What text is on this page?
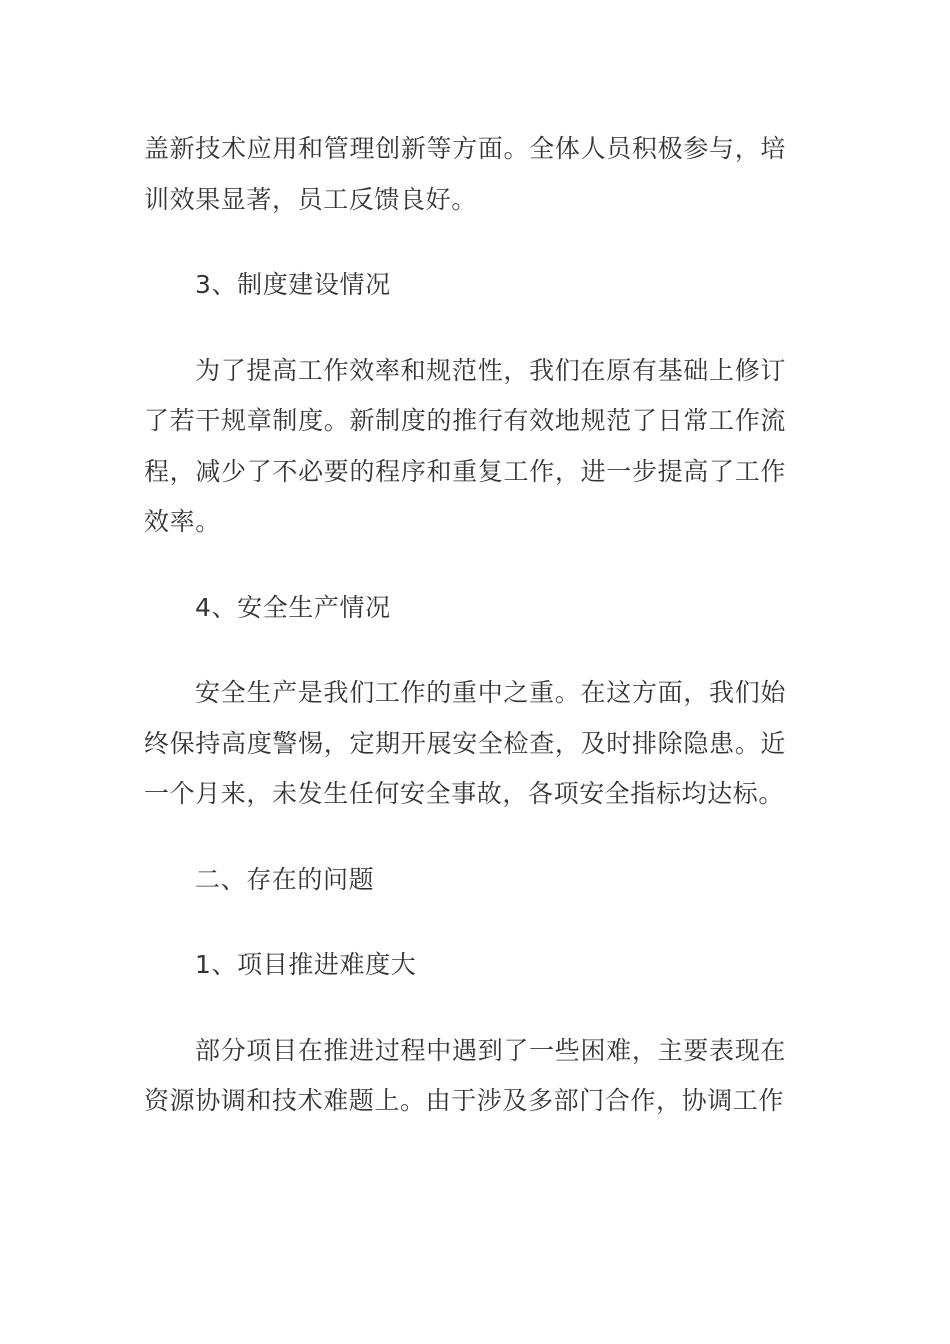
盖新技术应用和管理创新等方面。全体人员积极参与，培训效果显著，员工反馈良好。

3、制度建设情况

为了提高工作效率和规范性，我们在原有基础上修订了若干规章制度。新制度的推行有效地规范了日常工作流程，减少了不必要的程序和重复工作，进一步提高了工作效率。

4、安全生产情况

安全生产是我们工作的重中之重。在这方面，我们始终保持高度警惕，定期开展安全检查，及时排除隐患。近一个月来，未发生任何安全事故，各项安全指标均达标。

二、存在的问题

1、项目推进难度大

部分项目在推进过程中遇到了一些困难，主要表现在资源协调和技术难题上。由于涉及多部门合作，协调工作
